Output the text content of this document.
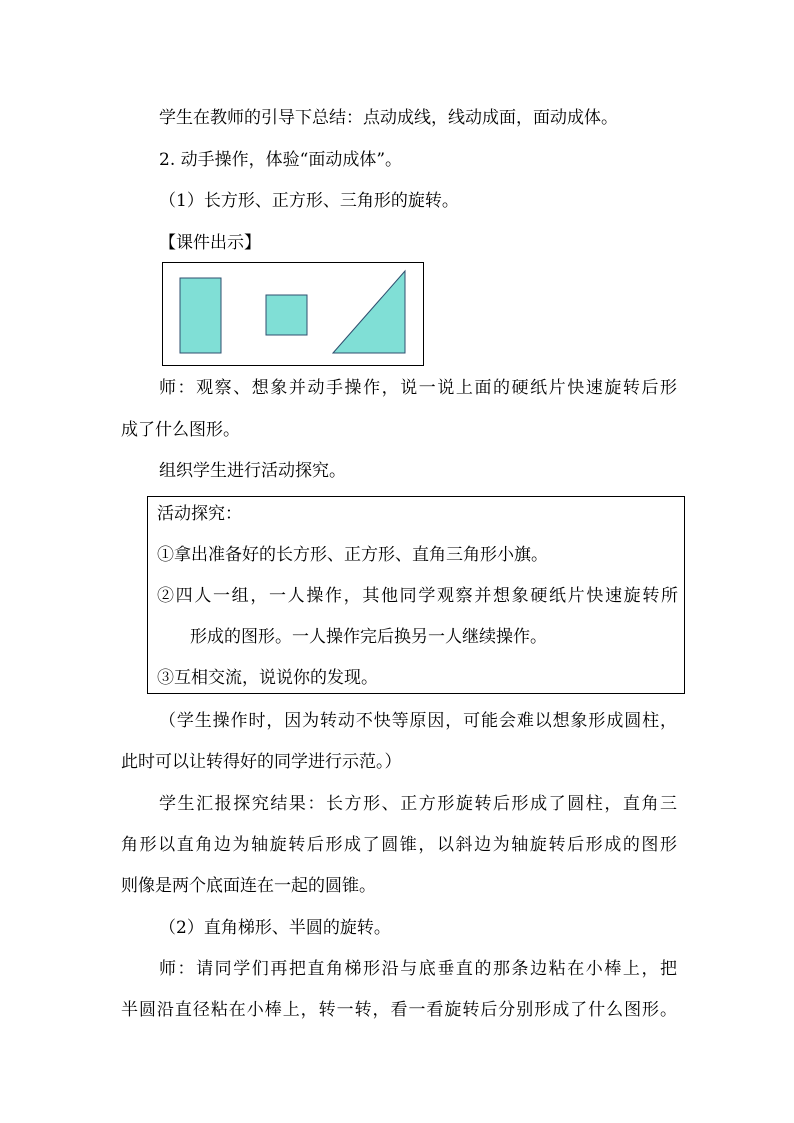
学生在教师的引导下总结：点动成线，线动成面，面动成体。
2. 动手操作，体验“面动成体”。
（1）长方形、正方形、三角形的旋转。
【课件出示】
师：观察、想象并动手操作，说一说上面的硬纸片快速旋转后形
成了什么图形。
组织学生进行活动探究。
活动探究：
①拿出准备好的长方形、正方形、直角三角形小旗。
②四人一组，一人操作，其他同学观察并想象硬纸片快速旋转所
形成的图形。一人操作完后换另一人继续操作。
③互相交流，说说你的发现。
（学生操作时，因为转动不快等原因，可能会难以想象形成圆柱，
此时可以让转得好的同学进行示范。）
学生汇报探究结果：长方形、正方形旋转后形成了圆柱，直角三
角形以直角边为轴旋转后形成了圆锥，以斜边为轴旋转后形成的图形
则像是两个底面连在一起的圆锥。
（2）直角梯形、半圆的旋转。
师：请同学们再把直角梯形沿与底垂直的那条边粘在小棒上，把
半圆沿直径粘在小棒上，转一转，看一看旋转后分别形成了什么图形。
